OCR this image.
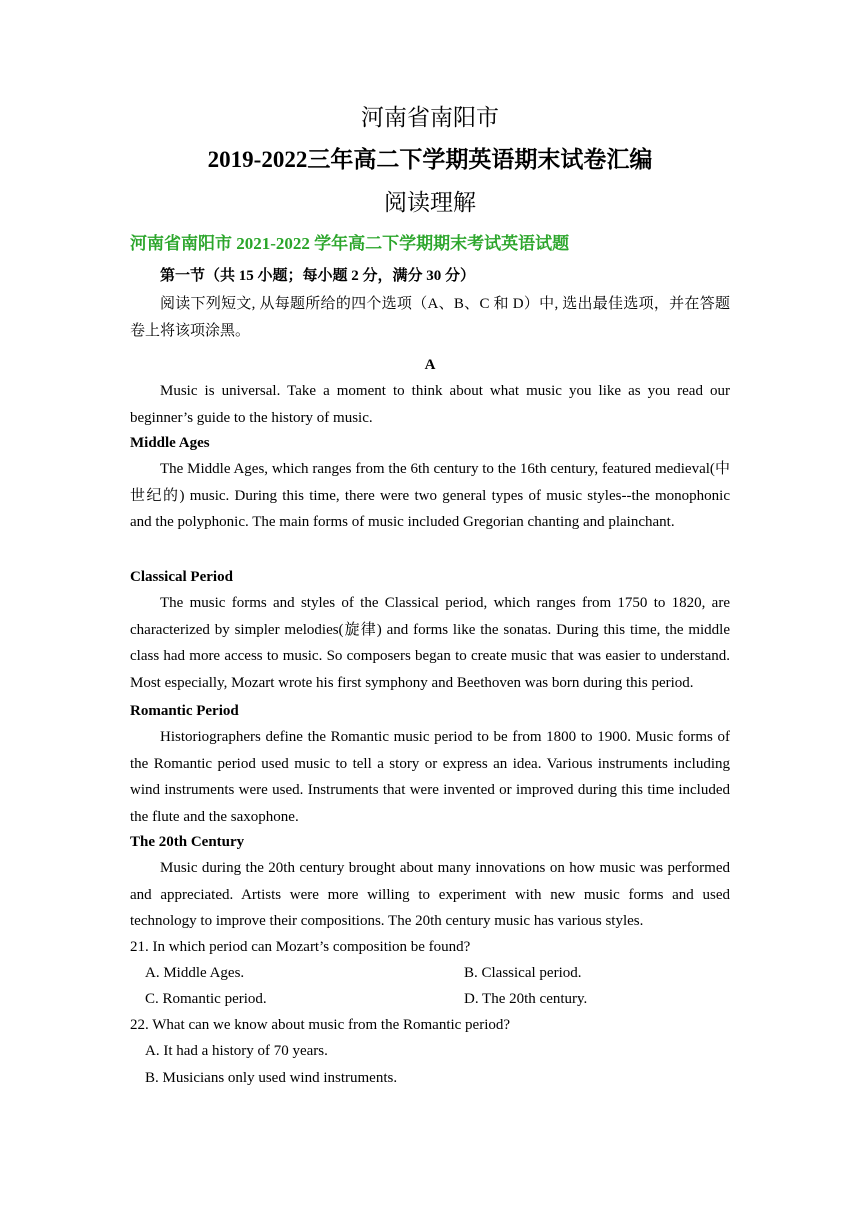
河南省南阳市
2019-2022三年高二下学期英语期末试卷汇编
阅读理解
河南省南阳市 2021-2022 学年高二下学期期末考试英语试题
第一节（共 15 小题；每小题 2 分，满分 30 分）
阅读下列短文, 从每题所给的四个选项（A、B、C 和 D）中, 选出最佳选项，并在答题卷上将该项涂黑。
A
Music is universal. Take a moment to think about what music you like as you read our beginner’s guide to the history of music.
Middle Ages
The Middle Ages, which ranges from the 6th century to the 16th century, featured medieval(中世纪的) music. During this time, there were two general types of music styles--the monophonic and the polyphonic. The main forms of music included Gregorian chanting and plainchant.
Classical Period
The music forms and styles of the Classical period, which ranges from 1750 to 1820, are characterized by simpler melodies(旋律) and forms like the sonatas. During this time, the middle class had more access to music. So composers began to create music that was easier to understand. Most especially, Mozart wrote his first symphony and Beethoven was born during this period.
Romantic Period
Historiographers define the Romantic music period to be from 1800 to 1900. Music forms of the Romantic period used music to tell a story or express an idea. Various instruments including wind instruments were used. Instruments that were invented or improved during this time included the flute and the saxophone.
The 20th Century
Music during the 20th century brought about many innovations on how music was performed and appreciated. Artists were more willing to experiment with new music forms and used technology to improve their compositions. The 20th century music has various styles.
21. In which period can Mozart’s composition be found?
A. Middle Ages.	B. Classical period.
C. Romantic period.	D. The 20th century.
22. What can we know about music from the Romantic period?
A. It had a history of 70 years.
B. Musicians only used wind instruments.
